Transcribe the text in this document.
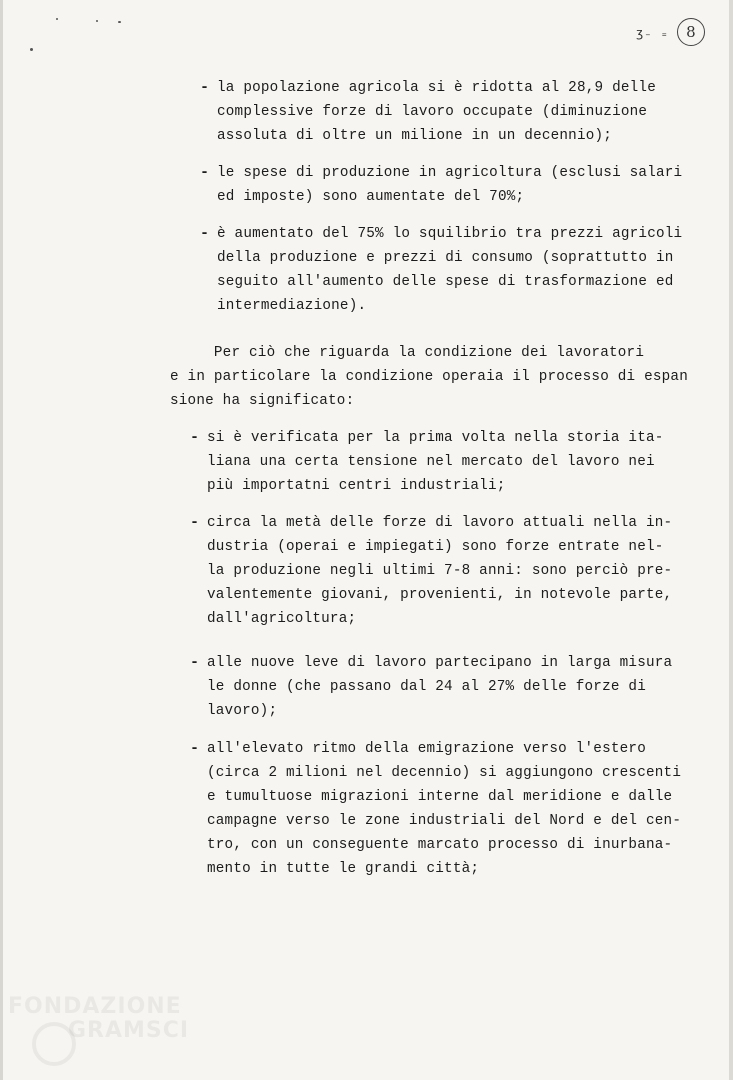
ʒ₋ ₌ 8
- la popolazione agricola si è ridotta al 28,9 delle
complessive forze di lavoro occupate (diminuzione
assoluta di oltre un milione in un decennio);
- le spese di produzione in agricoltura (esclusi salari
ed imposte) sono aumentate del 70%;
- è aumentato del 75% lo squilibrio tra prezzi agricoli
della produzione e prezzi di consumo (soprattutto in
seguito all'aumento delle spese di trasformazione ed
intermediazione).
Per ciò che riguarda la condizione dei lavoratori
e in particolare la condizione operaia il processo di espan
sione ha significato:
- si è verificata per la prima volta nella storia ita-
liana una certa tensione nel mercato del lavoro nei
più importatni centri industriali;
- circa la metà delle forze di lavoro attuali nella in-
dustria (operai e impiegati) sono forze entrate nel-
la produzione negli ultimi 7-8 anni: sono perciò pre-
valentemente giovani, provenienti, in notevole parte,
dall'agricoltura;
- alle nuove leve di lavoro partecipano in larga misura
le donne (che passano dal 24 al 27% delle forze di
lavoro);
- all'elevato ritmo della emigrazione verso l'estero
(circa 2 milioni nel decennio) si aggiungono crescenti
e tumultuose migrazioni interne dal meridione e dalle
campagne verso le zone industriali del Nord e del cen-
tro, con un conseguente marcato processo di inurbana-
mento in tutte le grandi città;
FONDAZIONE
GRAMSCI
